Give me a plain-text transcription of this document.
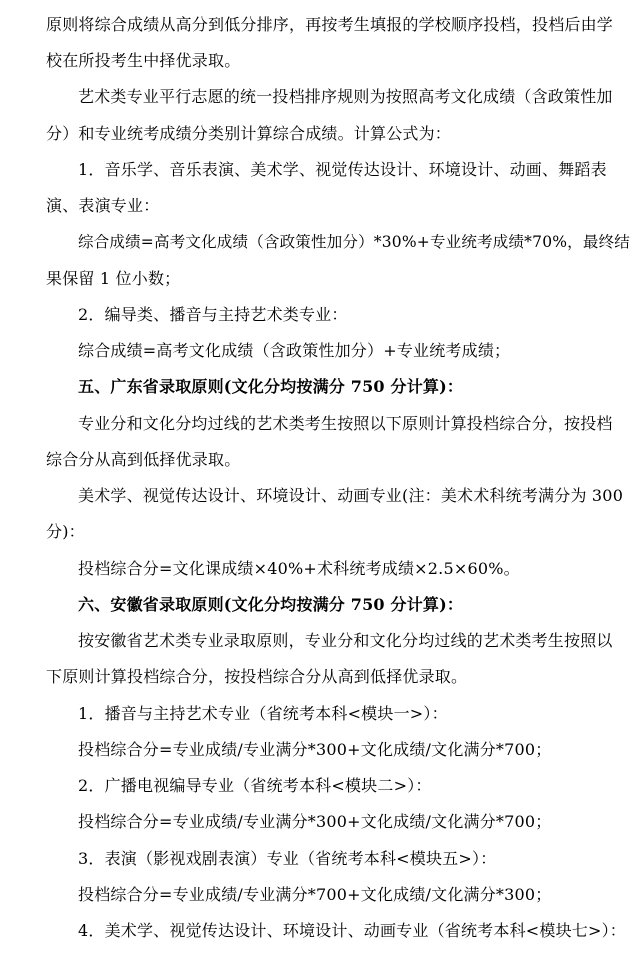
原则将综合成绩从高分到低分排序，再按考生填报的学校顺序投档，投档后由学
校在所投考生中择优录取。
艺术类专业平行志愿的统一投档排序规则为按照高考文化成绩（含政策性加
分）和专业统考成绩分类别计算综合成绩。计算公式为：
1．音乐学、音乐表演、美术学、视觉传达设计、环境设计、动画、舞蹈表
演、表演专业：
综合成绩=高考文化成绩（含政策性加分）*30%+专业统考成绩*70%，最终结
果保留 1 位小数；
2．编导类、播音与主持艺术类专业：
综合成绩=高考文化成绩（含政策性加分）+专业统考成绩；
五、广东省录取原则(文化分均按满分 750 分计算)：
专业分和文化分均过线的艺术类考生按照以下原则计算投档综合分，按投档
综合分从高到低择优录取。
美术学、视觉传达设计、环境设计、动画专业(注：美术术科统考满分为 300
分)：
投档综合分=文化课成绩×40%+术科统考成绩×2.5×60%。
六、安徽省录取原则(文化分均按满分 750 分计算)：
按安徽省艺术类专业录取原则，专业分和文化分均过线的艺术类考生按照以
下原则计算投档综合分，按投档综合分从高到低择优录取。
1．播音与主持艺术专业（省统考本科<模块一>）：
投档综合分=专业成绩/专业满分*300+文化成绩/文化满分*700；
2．广播电视编导专业（省统考本科<模块二>）：
投档综合分=专业成绩/专业满分*300+文化成绩/文化满分*700；
3．表演（影视戏剧表演）专业（省统考本科<模块五>）：
投档综合分=专业成绩/专业满分*700+文化成绩/文化满分*300；
4．美术学、视觉传达设计、环境设计、动画专业（省统考本科<模块七>）：
